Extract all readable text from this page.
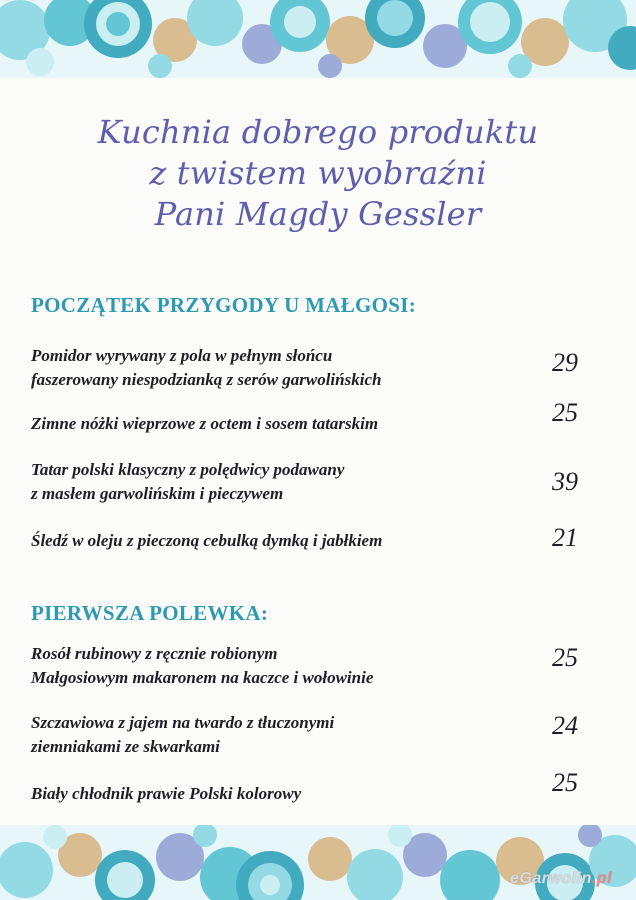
Kuchnia dobrego produktu
z twistem wyobraźni
Pani Magdy Gessler
POCZĄTEK PRZYGODY U MAŁGOSI:
Pomidor wyrywany z pola w pełnym słońcu
faszerowany niespodzianką z serów garwolińskich
29
Zimne nóżki wieprzowe z octem i sosem tatarskim	25
Tatar polski klasyczny z polędwicy podawany
z masłem garwolińskim i pieczywem	39
Śledź w oleju z pieczoną cebulką dymką i jabłkiem	21
PIERWSZA POLEWKA:
Rosół rubinowy z ręcznie robionym
Małgosiowym makaronem na kaczce i wołowinie
25
Szczawiowa z jajem na twardo z tłuczonymi
ziemniakami ze skwarkami
24
Biały chłodnik prawie Polski kolorowy	25
eGarwolin.pl
